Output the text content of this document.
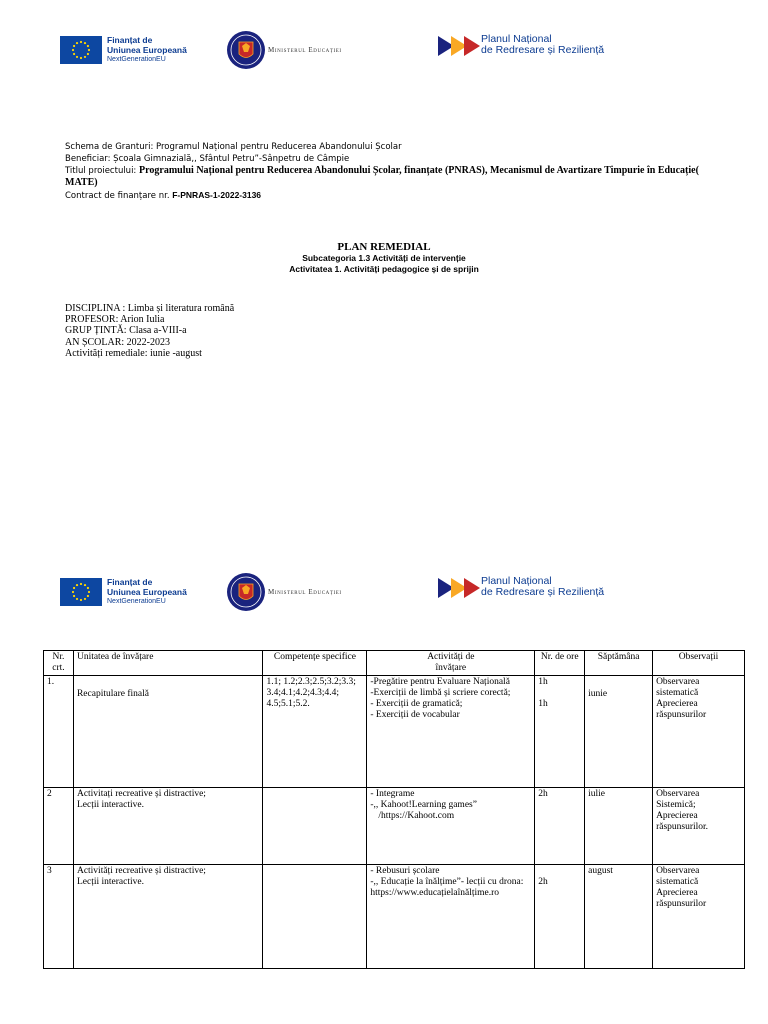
Finanțat de
Uniunea Europeană
NextGenerationEU
Ministerul Educației
Planul Național
de Redresare și Reziliență
Schema de Granturi: Programul Național pentru Reducerea Abandonului Școlar
Beneficiar: Școala Gimnazială,, Sfântul Petru”-Sânpetru de Câmpie
Titlul proiectului: Programului Național pentru Reducerea Abandonului Școlar, finanțate (PNRAS), Mecanismul de Avartizare Timpurie în Educație( MATE)
Contract de finanțare nr. F-PNRAS-1-2022-3136
PLAN REMEDIAL
Subcategoria 1.3 Activități de intervenție
Activitatea 1. Activități pedagogice și de sprijin
DISCIPLINA : Limba și literatura română
PROFESOR: Arion Iulia
GRUP ȚINTĂ: Clasa a-VIII-a
AN ȘCOLAR: 2022-2023
Activități remediale: iunie -august
Finanțat de
Uniunea Europeană
NextGenerationEU
Ministerul Educației
Planul Național
de Redresare și Reziliență
Nr. crt.	Unitatea de învățare	Competențe specifice	Activități de
învățare	Nr. de ore	Săptămâna	Observații
1.	Recapitulare finală	1.1; 1.2;2.3;2.5;3.2;3.3; 3.4;4.1;4.2;4.3;4.4; 4.5;5.1;5.2.	-Pregătire pentru Evaluare Națională
-Exerciții de limbă și scriere corectă;
- Exerciții de gramatică;
- Exerciții de vocabular	1h
1h	iunie	Observarea
sistematică
Aprecierea
răspunsurilor

2	Activitați recreative și distractive;
Lecții interactive.		- Integrame
-,, Kahoot!Learning games”
/https://Kahoot.com	2h	iulie	Observarea
Sistemică;
Aprecierea
răspunsurilor.

3	Activități recreative și distractive;
Lecții interactive.		- Rebusuri școlare
-,, Educație la înălțime”- lecții cu drona:
https://www.educațielaînălțime.ro	2h	august	Observarea
sistematică
Aprecierea
răspunsurilor
